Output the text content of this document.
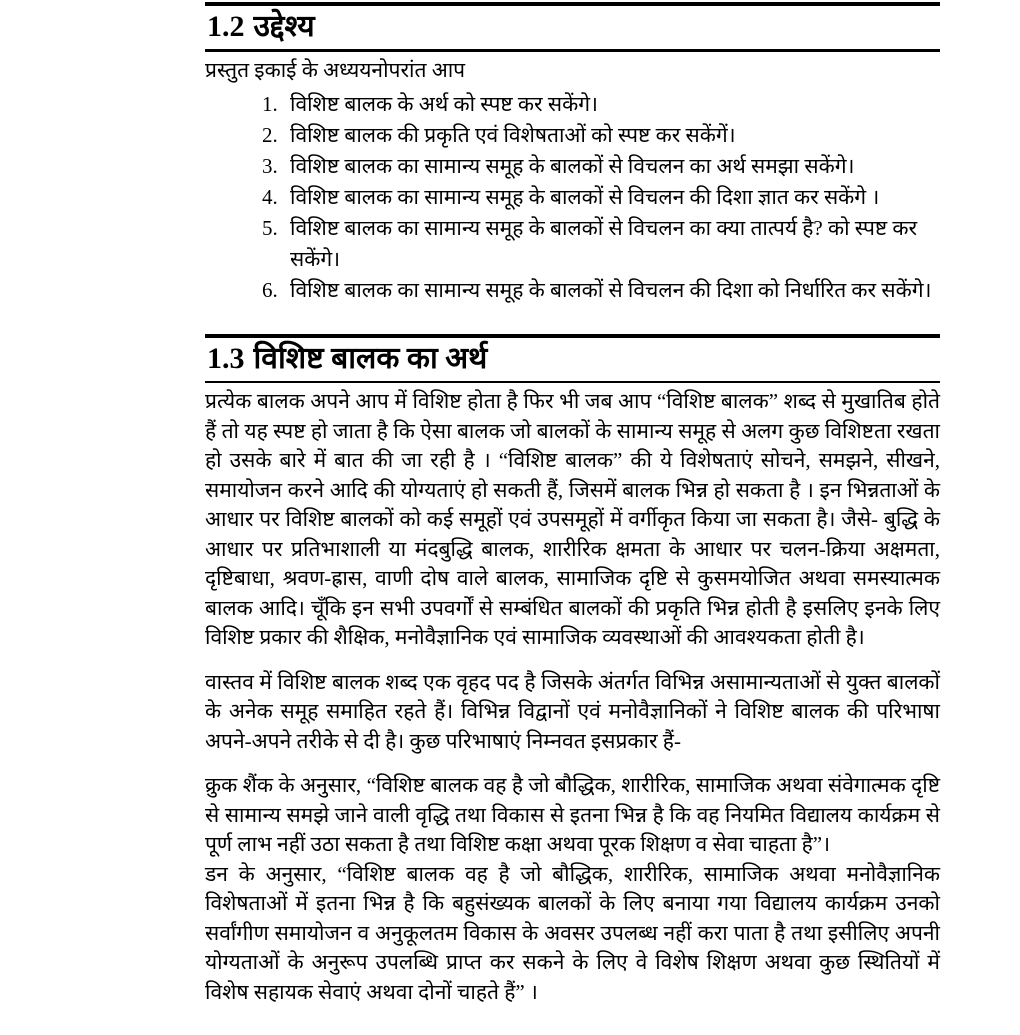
1.2 उद्देश्य

प्रस्तुत इकाई के अध्ययनोपरांत आप

1. विशिष्ट बालक के अर्थ को स्पष्ट कर सकेंगे।
2. विशिष्ट बालक की प्रकृति एवं विशेषताओं को स्पष्ट कर सकेंगें।
3. विशिष्ट बालक का सामान्य समूह के बालकों से विचलन का अर्थ समझा सकेंगे।
4. विशिष्ट बालक का सामान्य समूह के बालकों से विचलन की दिशा ज्ञात कर सकेंगे ।
5. विशिष्ट बालक का सामान्य समूह के बालकों से विचलन का क्या तात्पर्य है? को स्पष्ट कर सकेंगे।
6. विशिष्ट बालक का सामान्य समूह के बालकों से विचलन की दिशा को निर्धारित कर सकेंगे।
1.3 विशिष्ट बालक का अर्थ

प्रत्येक बालक अपने आप में विशिष्ट होता है फिर भी जब आप “विशिष्ट बालक” शब्द से मुखातिब होते हैं तो यह स्पष्ट हो जाता है कि ऐसा बालक जो बालकों के सामान्य समूह से अलग कुछ विशिष्टता रखता हो उसके बारे में बात की जा रही है । “विशिष्ट बालक” की ये विशेषताएं सोचने, समझने, सीखने, समायोजन करने आदि की योग्यताएं हो सकती हैं, जिसमें बालक भिन्न हो सकता है । इन भिन्नताओं के आधार पर विशिष्ट बालकों को कई समूहों एवं उपसमूहों में वर्गीकृत किया जा सकता है। जैसे- बुद्धि के आधार पर प्रतिभाशाली या मंदबुद्धि बालक, शारीरिक क्षमता के आधार पर चलन-क्रिया अक्षमता, दृष्टिबाधा, श्रवण-ह्रास, वाणी दोष वाले बालक, सामाजिक दृष्टि से कुसमयोजित अथवा समस्यात्मक बालक आदि। चूँकि इन सभी उपवर्गों से सम्बंधित बालकों की प्रकृति भिन्न होती है इसलिए इनके लिए विशिष्ट प्रकार की शैक्षिक, मनोवैज्ञानिक एवं सामाजिक व्यवस्थाओं की आवश्यकता होती है।

वास्तव में विशिष्ट बालक शब्द एक वृहद पद है जिसके अंतर्गत विभिन्न असामान्यताओं से युक्त बालकों के अनेक समूह समाहित रहते हैं। विभिन्न विद्वानों एवं मनोवैज्ञानिकों ने विशिष्ट बालक की परिभाषा अपने-अपने तरीके से दी है। कुछ परिभाषाएं निम्नवत इसप्रकार हैं-

क्रुक शैंक के अनुसार, “विशिष्ट बालक वह है जो बौद्धिक, शारीरिक, सामाजिक अथवा संवेगात्मक दृष्टि से सामान्य समझे जाने वाली वृद्धि तथा विकास से इतना भिन्न है कि वह नियमित विद्यालय कार्यक्रम से पूर्ण लाभ नहीं उठा सकता है तथा विशिष्ट कक्षा अथवा पूरक शिक्षण व सेवा चाहता है”।

डन के अनुसार, “विशिष्ट बालक वह है जो बौद्धिक, शारीरिक, सामाजिक अथवा मनोवैज्ञानिक विशेषताओं में इतना भिन्न है कि बहुसंख्यक बालकों के लिए बनाया गया विद्यालय कार्यक्रम उनको सर्वांगीण समायोजन व अनुकूलतम विकास के अवसर उपलब्ध नहीं करा पाता है तथा इसीलिए अपनी योग्यताओं के अनुरूप उपलब्धि प्राप्त कर सकने के लिए वे विशेष शिक्षण अथवा कुछ स्थितियों में विशेष सहायक सेवाएं अथवा दोनों चाहते हैं” ।
